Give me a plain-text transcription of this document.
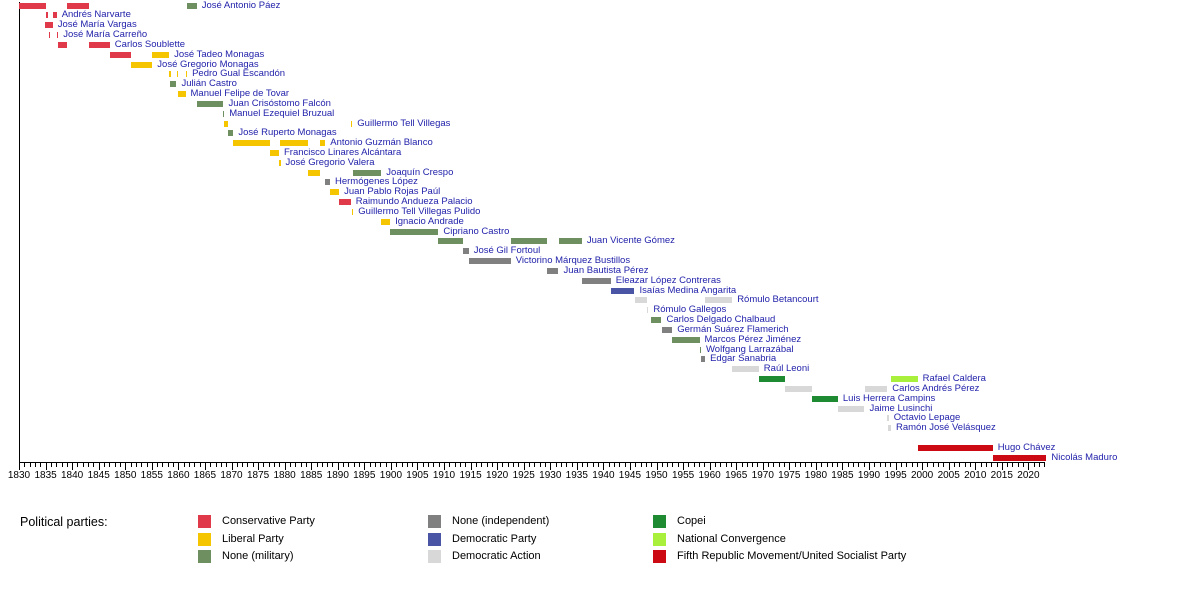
1830 1835 1840 1845 1850 1855 1860 1865 1870 1875 1880 1885 1890 1895 1900 1905 1910 1915 1920 1925 1930 1935 1940 1945 1950 1955 1960 1965 1970 1975 1980 1985 1990 1995 2000 2005 2010 2015 2020
José Antonio Páez
Andrés Narvarte
José María Vargas
José María Carreño
Carlos Soublette
José Tadeo Monagas
José Gregorio Monagas
Pedro Gual Escandón
Julián Castro
Manuel Felipe de Tovar
Juan Crisóstomo Falcón
Manuel Ezequiel Bruzual
Guillermo Tell Villegas
José Ruperto Monagas
Antonio Guzmán Blanco
Francisco Linares Alcántara
José Gregorio Valera
Joaquín Crespo
Hermógenes López
Juan Pablo Rojas Paúl
Raimundo Andueza Palacio
Guillermo Tell Villegas Pulido
Ignacio Andrade
Cipriano Castro
Juan Vicente Gómez
José Gil Fortoul
Victorino Márquez Bustillos
Juan Bautista Pérez
Eleazar López Contreras
Isaías Medina Angarita
Rómulo Betancourt
Rómulo Gallegos
Carlos Delgado Chalbaud
Germán Suárez Flamerich
Marcos Pérez Jiménez
Wolfgang Larrazábal
Edgar Sanabria
Raúl Leoni
Rafael Caldera
Carlos Andrés Pérez
Luis Herrera Campins
Jaime Lusinchi
Octavio Lepage
Ramón José Velásquez
Hugo Chávez
Nicolás Maduro
Political parties:	Conservative Party
Liberal Party
None (military)
None (independent)
Democratic Party
Democratic Action
Copei
National Convergence
Fifth Republic Movement/United Socialist Party
